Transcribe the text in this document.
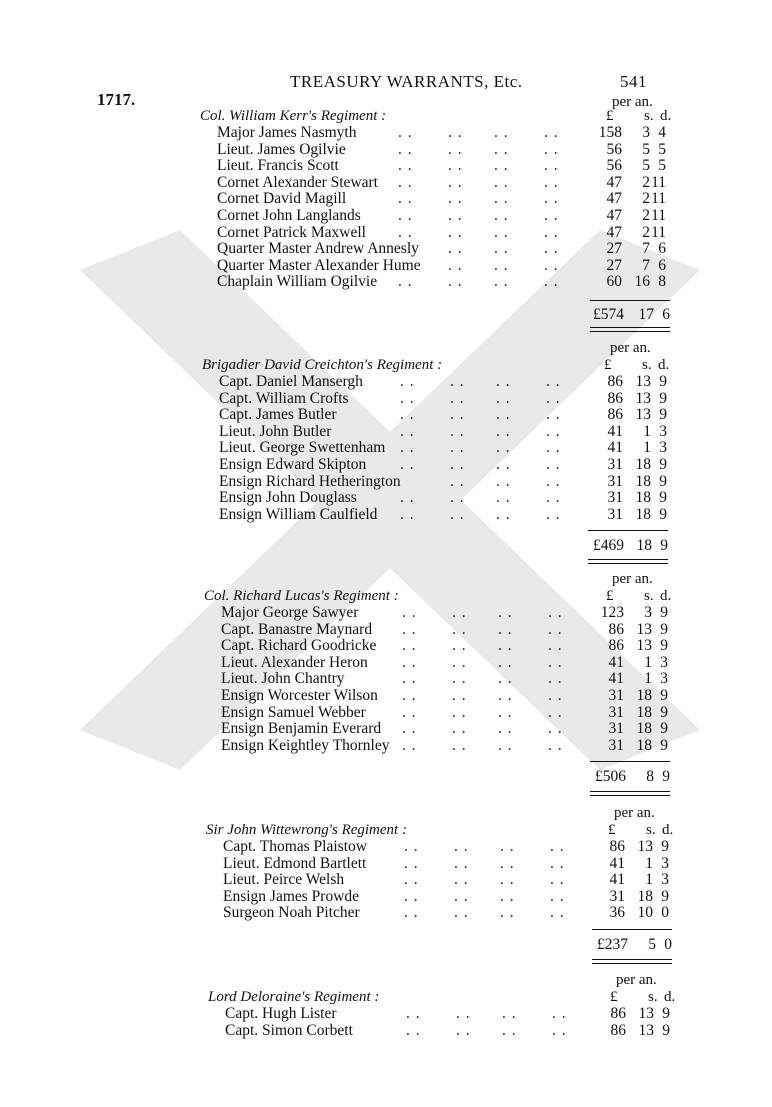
TREASURY WARRANTS, Etc.	541
1717.	per an.
Col. William Kerr's Regiment :	£ s. d.
Major James Nasmyth	. . . . . . . .	158	3 4
Lieut. James Ogilvie	. . . . . . . .	56	5 5
Lieut. Francis Scott	. . . . . . . .	56	5 5
Cornet Alexander Stewart . . . . . . . .	47	2 11
Cornet David Magill	. . . . . . . .	47	2 11
Cornet John Langlands . . . . . . . .	47	2 11
Cornet Patrick Maxwell . . . . . . . .	47	2 11
Quarter Master Andrew Annesly . . . . . .	27	7 6
Quarter Master Alexander Hume . . . . . .	27	7 6
Chaplain William Ogilvie . . . . . . . .	60 16 8
£574 17 6
per an.
Brigadier David Creichton's Regiment :	£ s. d.
Capt. Daniel Mansergh . . . . . . . .	86 13 9
Capt. William Crofts	. . . . . . . .	86 13 9
Capt. James Butler	. . . . . . . .	86 13 9
Lieut. John Butler	. . . . . . . .	41	1 3
Lieut. George Swettenham . . . . . . . .	41	1 3
Ensign Edward Skipton . . . . . . . .	31 18 9
Ensign Richard Hetherington	. . . . . .	31 18 9
Ensign John Douglass	. . . . . . . .	31 18 9
Ensign William Caulfield . . . . . . . .	31 18 9
£469 18 9
per an.
Col. Richard Lucas's Regiment :	£ s. d.
Major George Sawyer	. . . . . . . .	123	3 9
Capt. Banastre Maynard . . . . . . . .	86 13 9
Capt. Richard Goodricke . . . . . . . .	86 13 9
Lieut. Alexander Heron . . . . . . . .	41	1 3
Lieut. John Chantry	. . . . . . . .	41	1 3
Ensign Worcester Wilson . . . . . . . .	31 18 9
Ensign Samuel Webber . . . . . . . .	31 18 9
Ensign Benjamin Everard . . . . . . . .	31 18 9
Ensign Keightley Thornley . . . . . . . .	31 18 9
£506	8 9
per an.
Sir John Wittewrong's Regiment :	£ s. d.
Capt. Thomas Plaistow . . . . . . . .	86 13 9
Lieut. Edmond Bartlett . . . . . . . .	41	1 3
Lieut. Peirce Welsh	. . . . . . . .	41	1 3
Ensign James Prowde	. . . . . . . .	31 18 9
Surgeon Noah Pitcher	. . . . . . . .	36 10 0
£237	5 0
per an.
Lord Deloraine's Regiment :	£ s. d.
Capt. Hugh Lister	. . . . . . . .	86 13 9
Capt. Simon Corbett	. . . . . . . .	86 13 9
